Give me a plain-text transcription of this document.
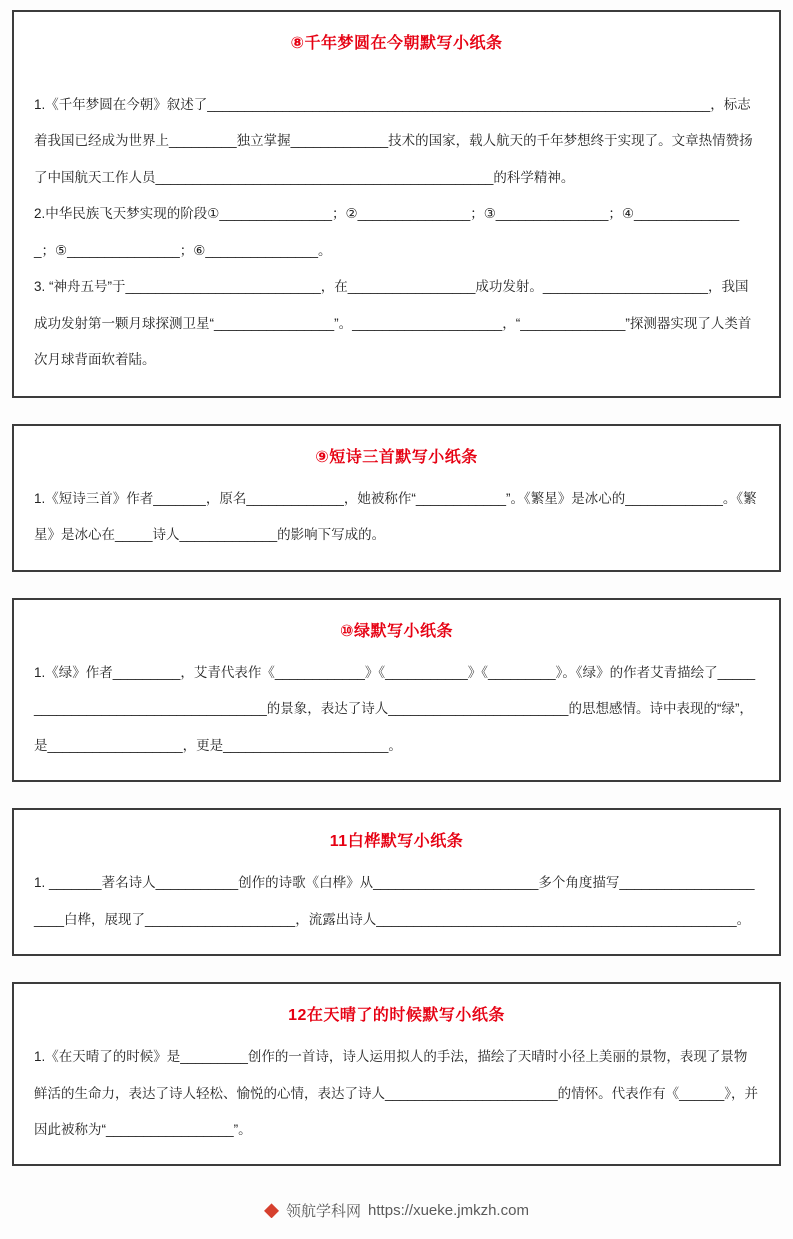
⑧千年梦圆在今朝默写小纸条

1.《千年梦圆在今朝》叙述了___________________________________________________________________，标志着我国已经成为世界上_________独立掌握_____________技术的国家，载人航天的千年梦想终于实现了。文章热情赞扬了中国航天工作人员_____________________________________________的科学精神。

2.中华民族飞天梦实现的阶段①_______________；②_______________；③_______________；④_______________；⑤_______________；⑥_______________。

3. “神舟五号”于__________________________，在_________________成功发射。______________________，我国成功发射第一颗月球探测卫星“________________”。____________________，“______________”探测器实现了人类首次月球背面软着陆。

⑨短诗三首默写小纸条

1.《短诗三首》作者_______，原名_____________，她被称作“____________”。《繁星》是冰心的_____________。《繁星》是冰心在_____诗人_____________的影响下写成的。

⑩绿默写小纸条

1.《绿》作者_________，艾青代表作《____________》《___________》《_________》。《绿》的作者艾青描绘了____________________________________的景象，表达了诗人________________________的思想感情。诗中表现的“绿”，是__________________，更是______________________。

11白桦默写小纸条

1. _______著名诗人___________创作的诗歌《白桦》从______________________多个角度描写______________________白桦，展现了____________________，流露出诗人________________________________________________。

12在天晴了的时候默写小纸条

1.《在天晴了的时候》是_________创作的一首诗，诗人运用拟人的手法，描绘了天晴时小径上美丽的景物，表现了景物鲜活的生命力，表达了诗人轻松、愉悦的心情，表达了诗人_______________________的情怀。代表作有《______》，并因此被称为“_________________”。

领航学科网 https://xueke.jmkzh.com
